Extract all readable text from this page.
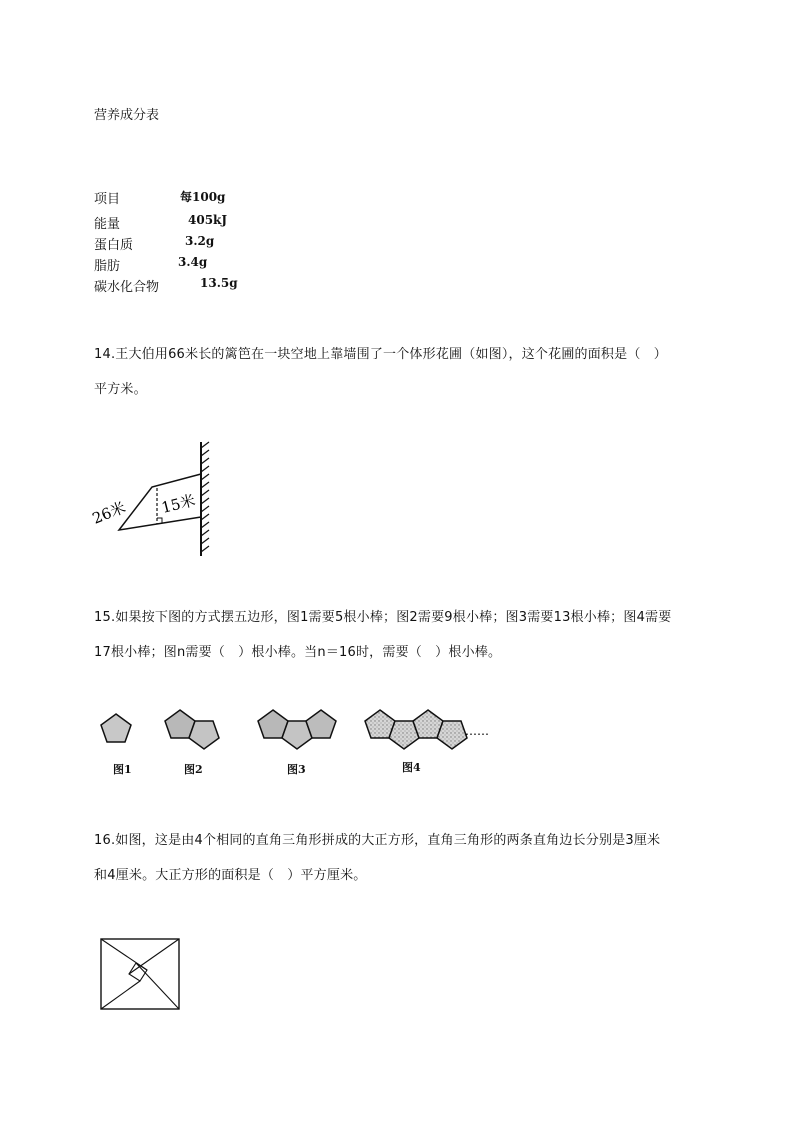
营养成分表
项目	每100g
能量	405kJ
蛋白质	3.2g
脂肪	3.4g
碳水化合物	13.5g
14.王大伯用66米长的篱笆在一块空地上靠墙围了一个体形花圃（如图），这个花圃的面积是（　）
平方米。
26米 15米
15.如果按下图的方式摆五边形，图1需要5根小棒；图2需要9根小棒；图3需要13根小棒；图4需要
17根小棒；图n需要（　）根小棒。当n＝16时，需要（　）根小棒。
……
图1	图2	图3	图4
16.如图，这是由4个相同的直角三角形拼成的大正方形，直角三角形的两条直角边长分别是3厘米
和4厘米。大正方形的面积是（　）平方厘米。
